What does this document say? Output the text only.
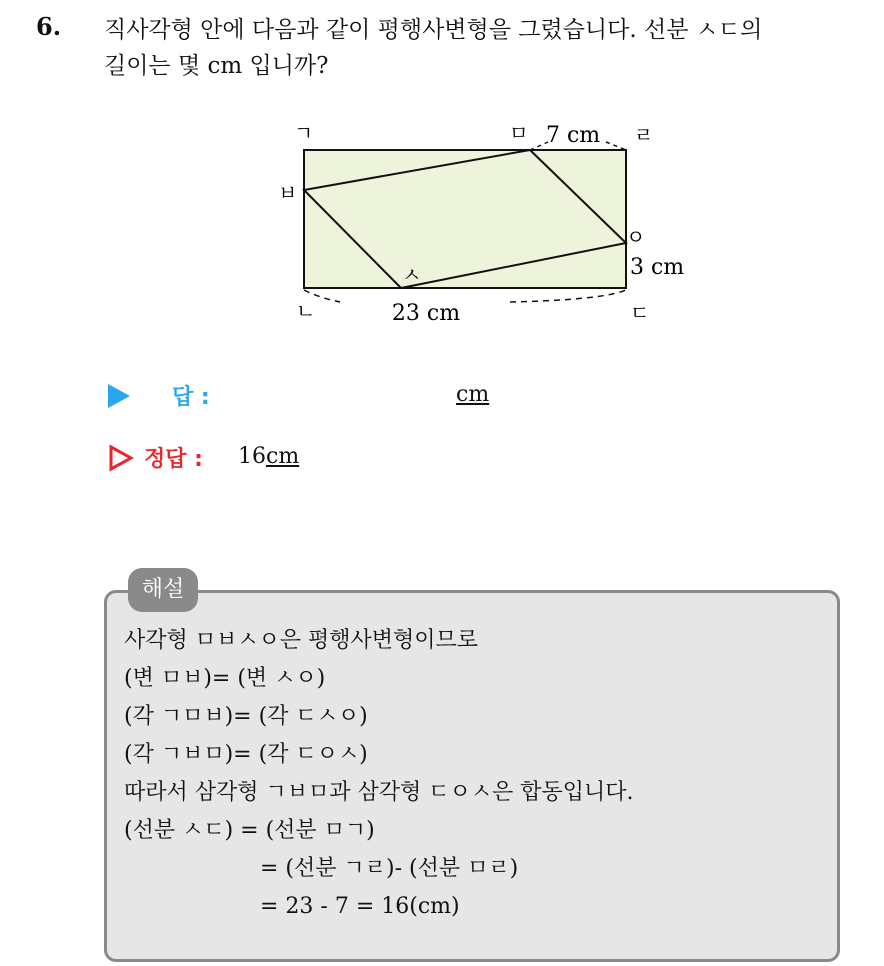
6. 직사각형 안에 다음과 같이 평행사변형을 그렸습니다. 선분 ㅅㄷ의
길이는 몇 cm 입니까?
ㄱ	ㅁ	ㄹ
ㅂ
ㅇ
ㅅ
ㄴ	ㄷ
7 cm
3 cm
23 cm
답 :	cm
정답 : 16cm
해설
사각형 ㅁㅂㅅㅇ은 평행사변형이므로
(변 ㅁㅂ)= (변 ㅅㅇ)
(각 ㄱㅁㅂ)= (각 ㄷㅅㅇ)
(각 ㄱㅂㅁ)= (각 ㄷㅇㅅ)
따라서 삼각형 ㄱㅂㅁ과 삼각형 ㄷㅇㅅ은 합동입니다.
(선분 ㅅㄷ) = (선분 ㅁㄱ)
= (선분 ㄱㄹ)- (선분 ㅁㄹ)
= 23 - 7 = 16(cm)
